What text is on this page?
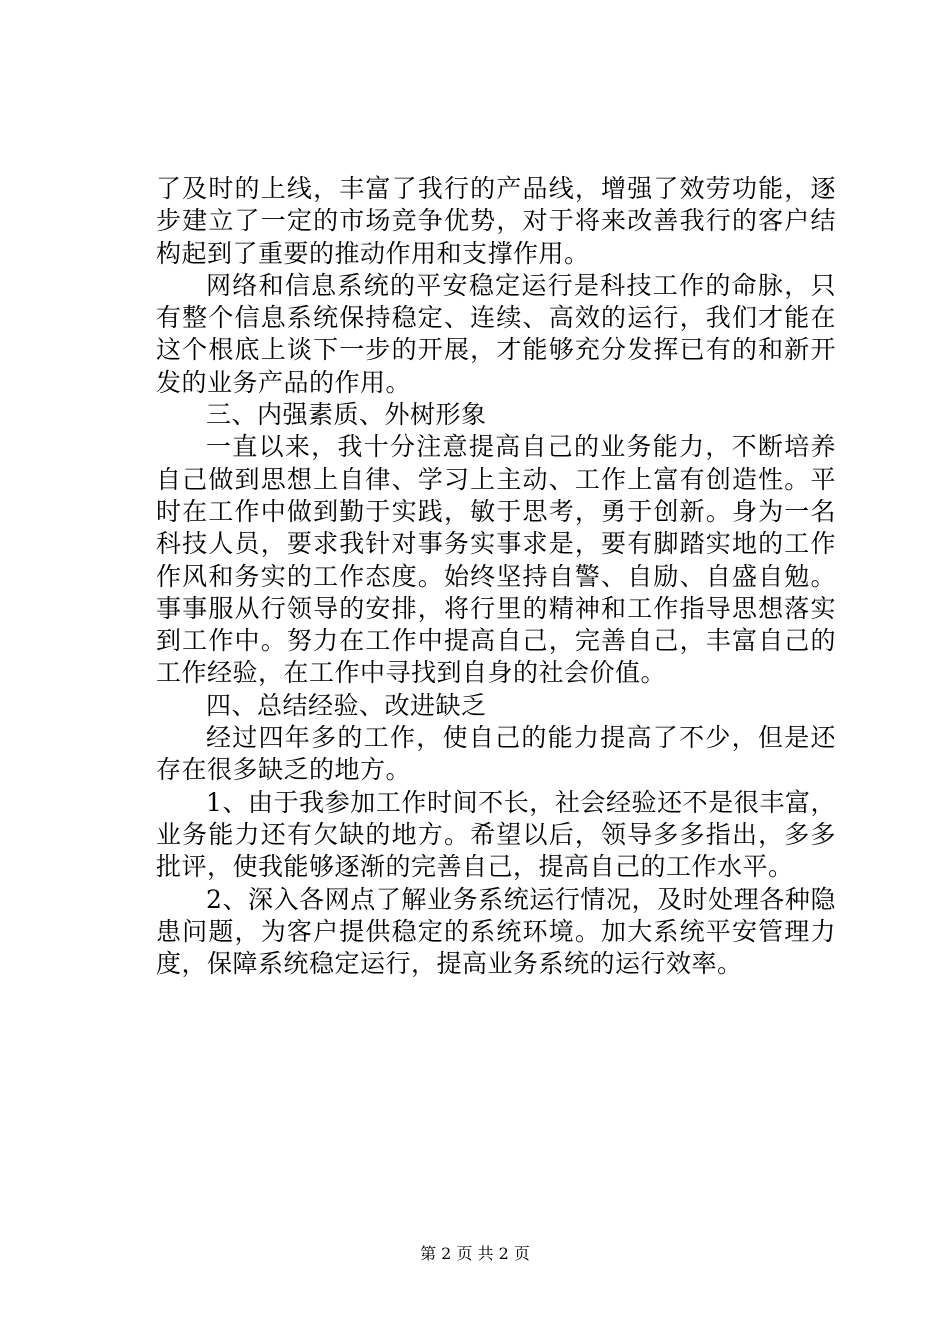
了及时的上线，丰富了我行的产品线，增强了效劳功能，逐步建立了一定的市场竞争优势，对于将来改善我行的客户结构起到了重要的推动作用和支撑作用。

网络和信息系统的平安稳定运行是科技工作的命脉，只有整个信息系统保持稳定、连续、高效的运行，我们才能在这个根底上谈下一步的开展，才能够充分发挥已有的和新开发的业务产品的作用。

三、内强素质、外树形象

一直以来，我十分注意提高自己的业务能力，不断培养自己做到思想上自律、学习上主动、工作上富有创造性。平时在工作中做到勤于实践，敏于思考，勇于创新。身为一名科技人员，要求我针对事务实事求是，要有脚踏实地的工作作风和务实的工作态度。始终坚持自警、自励、自盛自勉。事事服从行领导的安排，将行里的精神和工作指导思想落实到工作中。努力在工作中提高自己，完善自己，丰富自己的工作经验，在工作中寻找到自身的社会价值。

四、总结经验、改进缺乏

经过四年多的工作，使自己的能力提高了不少，但是还存在很多缺乏的地方。

1、由于我参加工作时间不长，社会经验还不是很丰富，业务能力还有欠缺的地方。希望以后，领导多多指出，多多批评，使我能够逐渐的完善自己，提高自己的工作水平。

2、深入各网点了解业务系统运行情况，及时处理各种隐患问题，为客户提供稳定的系统环境。加大系统平安管理力度，保障系统稳定运行，提高业务系统的运行效率。

第 2 页 共 2 页
